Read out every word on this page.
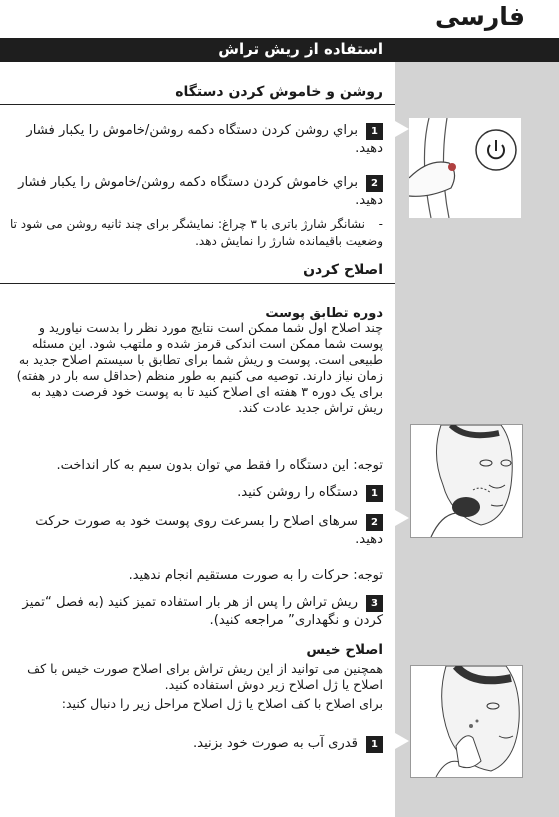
فارسی
استفاده از ریش تراش
روشن و خاموش کردن دستگاه
1
براي روشن كردن دستگاه دكمه روشن/خاموش را يكبار فشار دهيد.
2
براي خاموش كردن دستگاه دكمه روشن/خاموش را يكبار فشار دهيد.
-
نشانگر شارژ باتری با ۳ چراغ: نمایشگر برای چند ثانیه روشن می شود تا وضعیت باقیمانده شارژ را نمایش دهد.
اصلاح کردن
دوره تطابق پوست
چند اصلاح اول شما ممکن است نتایج مورد نظر را بدست نیاورید و پوست شما ممکن است اندکی قرمز شده و ملتهب شود. این مسئله طبیعی است. پوست و ریش شما برای تطابق با سیستم اصلاح جدید به زمان نیاز دارند. توصیه می کنیم به طور منظم (حداقل سه بار در هفته) برای یک دوره ۳ هفته ای اصلاح کنید تا به پوست خود فرصت دهید به ریش تراش جدید عادت کند.
توجه: اين دستگاه را فقط مي توان بدون سيم به كار انداخت.
1
دستگاه را روشن کنید.
2
سرهای اصلاح را بسرعت روی پوست خود به صورت حرکت دهید.
توجه: حرکات را به صورت مستقیم انجام ندهید.
3
ریش تراش را پس از هر بار استفاده تمیز کنید (به فصل “تمیز کردن و نگهداری” مراجعه کنید).
اصلاح خیس
همچنین می توانید از این ریش تراش برای اصلاح صورت خیس با کف اصلاح یا ژل اصلاح زیر دوش استفاده کنید.
برای اصلاح با کف اصلاح یا ژل اصلاح مراحل زیر را دنبال کنید:
1
قدری آب به صورت خود بزنید.
